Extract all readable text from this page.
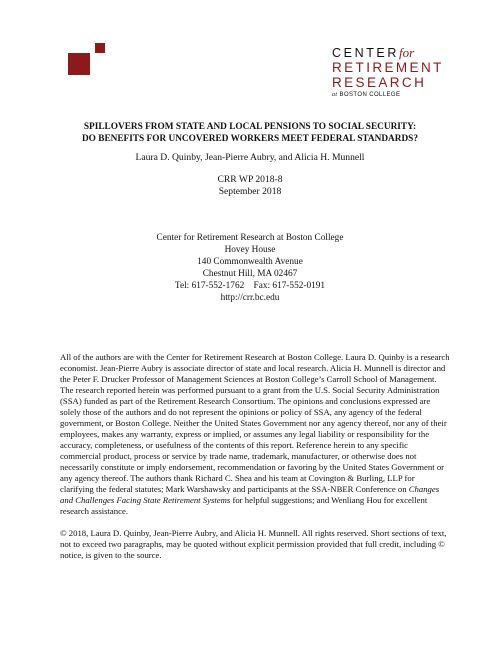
CENTERfor
RETIREMENT
RESEARCH
at BOSTON COLLEGE
SPILLOVERS FROM STATE AND LOCAL PENSIONS TO SOCIAL SECURITY:
DO BENEFITS FOR UNCOVERED WORKERS MEET FEDERAL STANDARDS?
Laura D. Quinby, Jean-Pierre Aubry, and Alicia H. Munnell
CRR WP 2018-8
September 2018
Center for Retirement Research at Boston College
Hovey House
140 Commonwealth Avenue
Chestnut Hill, MA 02467
Tel: 617-552-1762    Fax: 617-552-0191
http://crr.bc.edu

All of the authors are with the Center for Retirement Research at Boston College. Laura D. Quinby is a research economist. Jean-Pierre Aubry is associate director of state and local research. Alicia H. Munnell is director and the Peter F. Drucker Professor of Management Sciences at Boston College’s Carroll School of Management. The research reported herein was performed pursuant to a grant from the U.S. Social Security Administration (SSA) funded as part of the Retirement Research Consortium. The opinions and conclusions expressed are solely those of the authors and do not represent the opinions or policy of SSA, any agency of the federal government, or Boston College. Neither the United States Government nor any agency thereof, nor any of their employees, makes any warranty, express or implied, or assumes any legal liability or responsibility for the accuracy, completeness, or usefulness of the contents of this report. Reference herein to any specific commercial product, process or service by trade name, trademark, manufacturer, or otherwise does not necessarily constitute or imply endorsement, recommendation or favoring by the United States Government or any agency thereof. The authors thank Richard C. Shea and his team at Covington & Burling, LLP for clarifying the federal statutes; Mark Warshawsky and participants at the SSA-NBER Conference on Changes and Challenges Facing State Retirement Systems for helpful suggestions; and Wenliang Hou for excellent research assistance.

© 2018, Laura D. Quinby, Jean-Pierre Aubry, and Alicia H. Munnell. All rights reserved. Short sections of text, not to exceed two paragraphs, may be quoted without explicit permission provided that full credit, including © notice, is given to the source.
